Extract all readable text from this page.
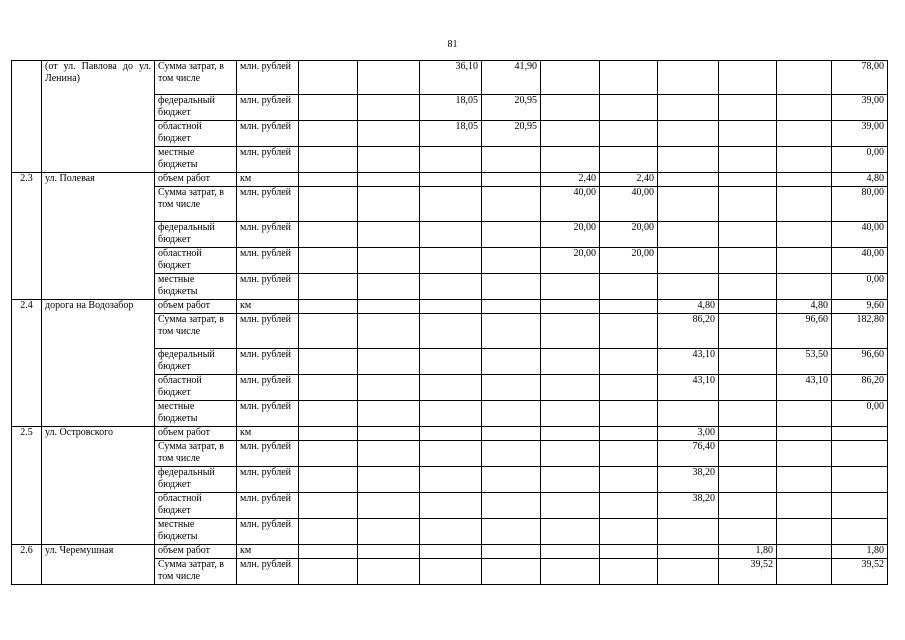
81
	(от ул. Павлова до ул. Ленина)	Сумма затрат, в том числе	млн. рублей			36,10	41,90						78,00
		федеральный бюджет	млн. рублей			18,05	20,95						39,00
		областной бюджет	млн. рублей			18,05	20,95						39,00
		местные бюджеты	млн. рублей										0,00
2.3	ул. Полевая	объем работ	км					2,40	2,40				4,80
		Сумма затрат, в том числе	млн. рублей					40,00	40,00				80,00
		федеральный бюджет	млн. рублей					20,00	20,00				40,00
		областной бюджет	млн. рублей					20,00	20,00				40,00
		местные бюджеты	млн. рублей										0,00
2.4	дорога на Водозабор	объем работ	км							4,80		4,80	9,60
		Сумма затрат, в том числе	млн. рублей							86,20		96,60	182,80
		федеральный бюджет	млн. рублей							43,10		53,50	96,60
		областной бюджет	млн. рублей							43,10		43,10	86,20
		местные бюджеты	млн. рублей										0,00
2.5	ул. Островского	объем работ	км							3,00			
		Сумма затрат, в том числе	млн. рублей							76,40			
		федеральный бюджет	млн. рублей							38,20			
		областной бюджет	млн. рублей							38,20			
		местные бюджеты	млн. рублей										
2.6	ул. Черемушная	объем работ	км								1,80		1,80
		Сумма затрат, в том числе	млн. рублей								39,52		39,52
